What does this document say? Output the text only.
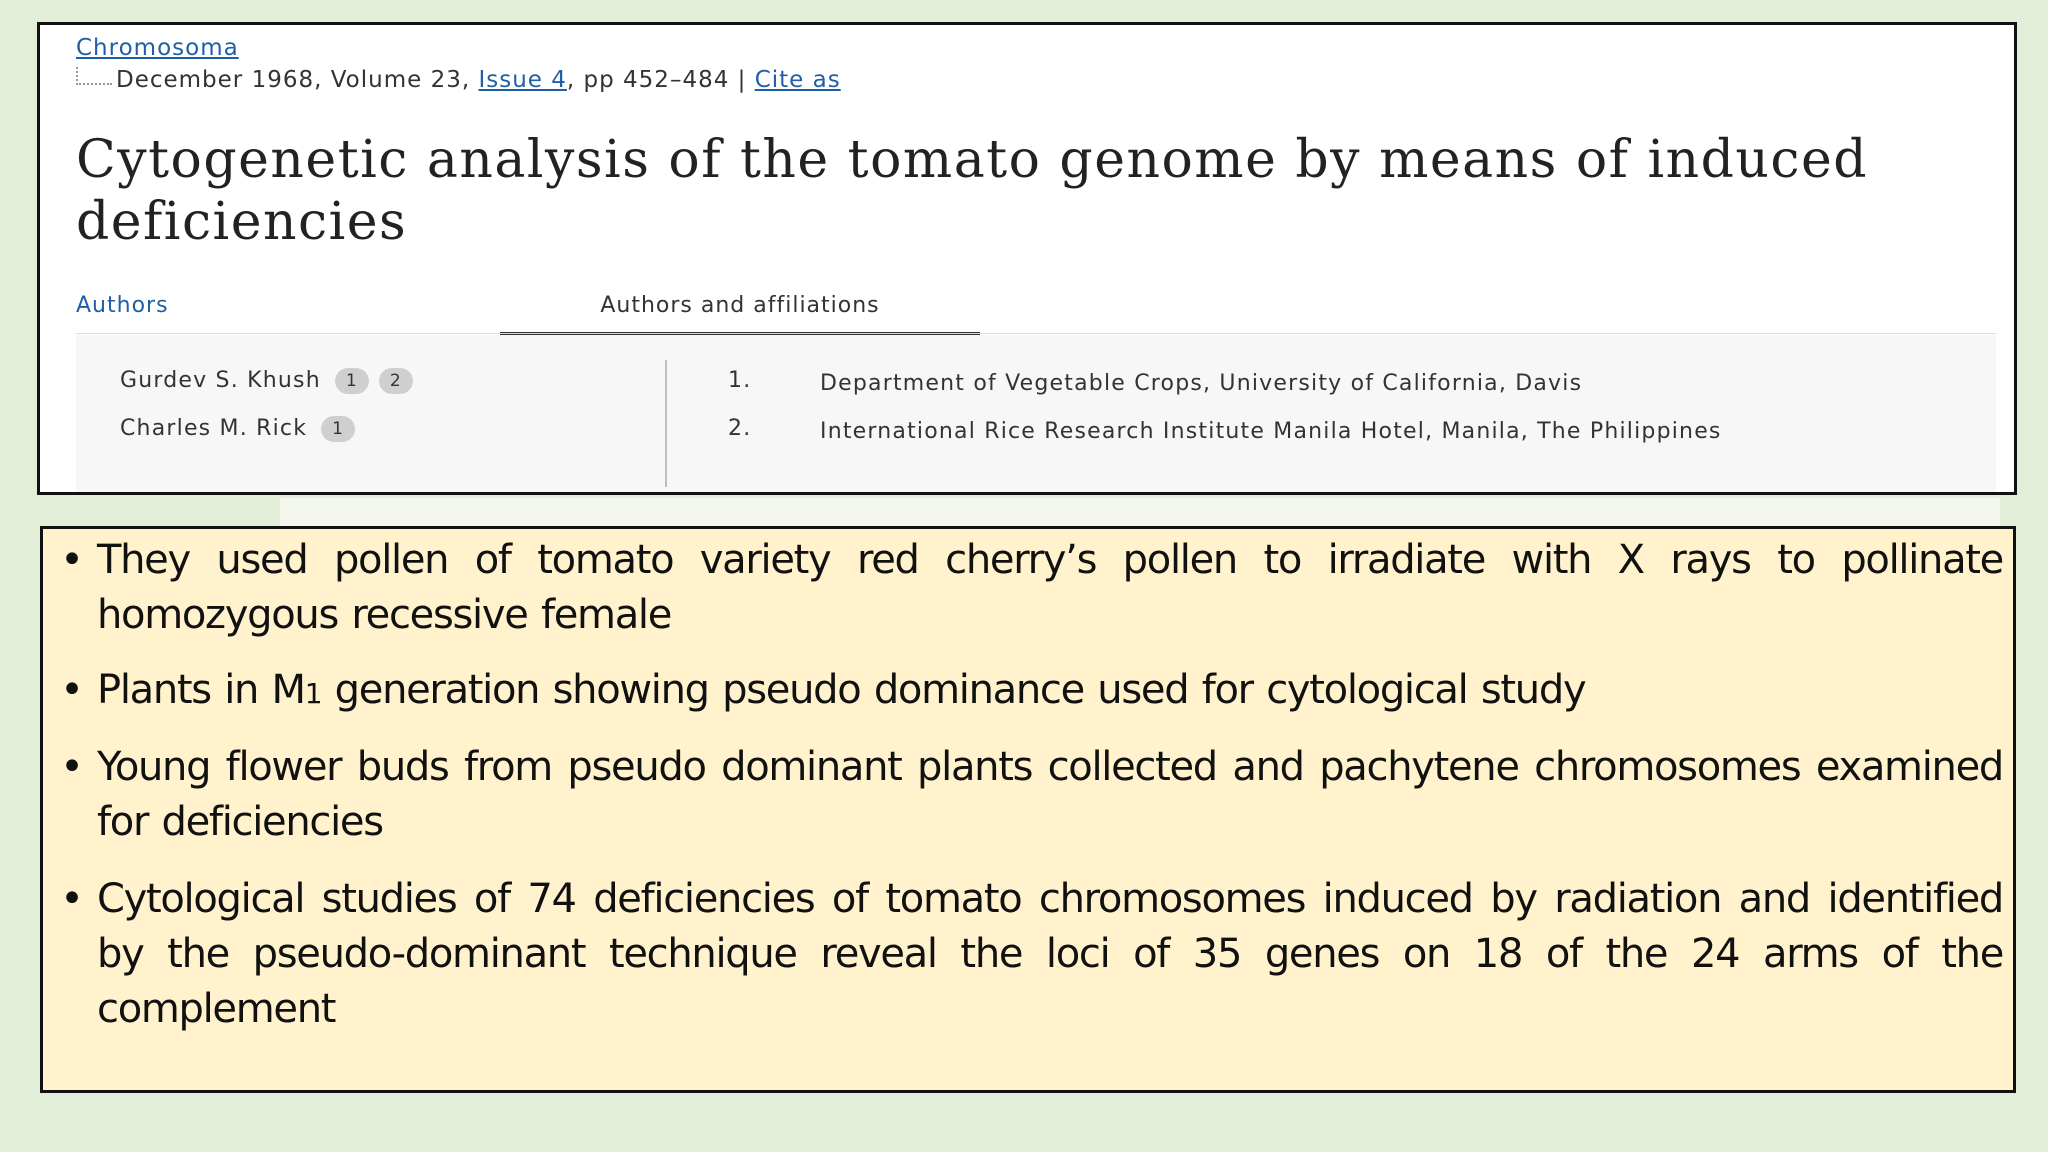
Chromosoma
December 1968, Volume 23, Issue 4, pp 452–484 | Cite as
Cytogenetic analysis of the tomato genome by means of induced deficiencies
Authors	Authors and affiliations
Gurdev S. Khush 1 2
Charles M. Rick 1
1.	Department of Vegetable Crops, University of California, Davis
2.	International Rice Research Institute Manila Hotel, Manila, The Philippines
• They used pollen of tomato variety red cherry’s pollen to irradiate with X rays to pollinate homozygous recessive female
• Plants in M1 generation showing pseudo dominance used for cytological study
• Young flower buds from pseudo dominant plants collected and pachytene chromosomes examined for deficiencies
• Cytological studies of 74 deficiencies of tomato chromosomes induced by radiation and identified by the pseudo-dominant technique reveal the loci of 35 genes on 18 of the 24 arms of the complement
